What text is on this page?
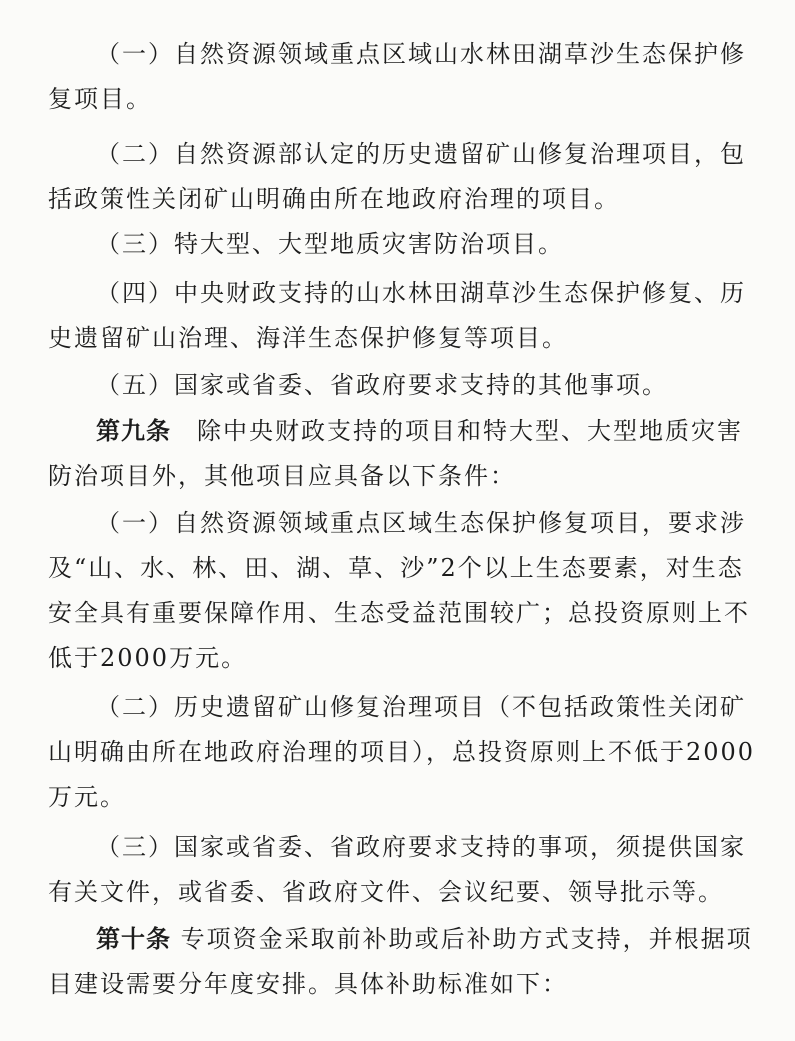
（一）自然资源领域重点区域山水林田湖草沙生态保护修复项目。

（二）自然资源部认定的历史遗留矿山修复治理项目，包括政策性关闭矿山明确由所在地政府治理的项目。

（三）特大型、大型地质灾害防治项目。

（四）中央财政支持的山水林田湖草沙生态保护修复、历史遗留矿山治理、海洋生态保护修复等项目。

（五）国家或省委、省政府要求支持的其他事项。

第九条　 除中央财政支持的项目和特大型、大型地质灾害防治项目外，其他项目应具备以下条件：

（一）自然资源领域重点区域生态保护修复项目，要求涉及“山、水、林、田、湖、草、沙”2个以上生态要素，对生态安全具有重要保障作用、生态受益范围较广；总投资原则上不低于2000万元。

（二）历史遗留矿山修复治理项目（不包括政策性关闭矿山明确由所在地政府治理的项目），总投资原则上不低于2000万元。

（三）国家或省委、省政府要求支持的事项，须提供国家有关文件，或省委、省政府文件、会议纪要、领导批示等。

第十条 专项资金采取前补助或后补助方式支持，并根据项目建设需要分年度安排。具体补助标准如下：
